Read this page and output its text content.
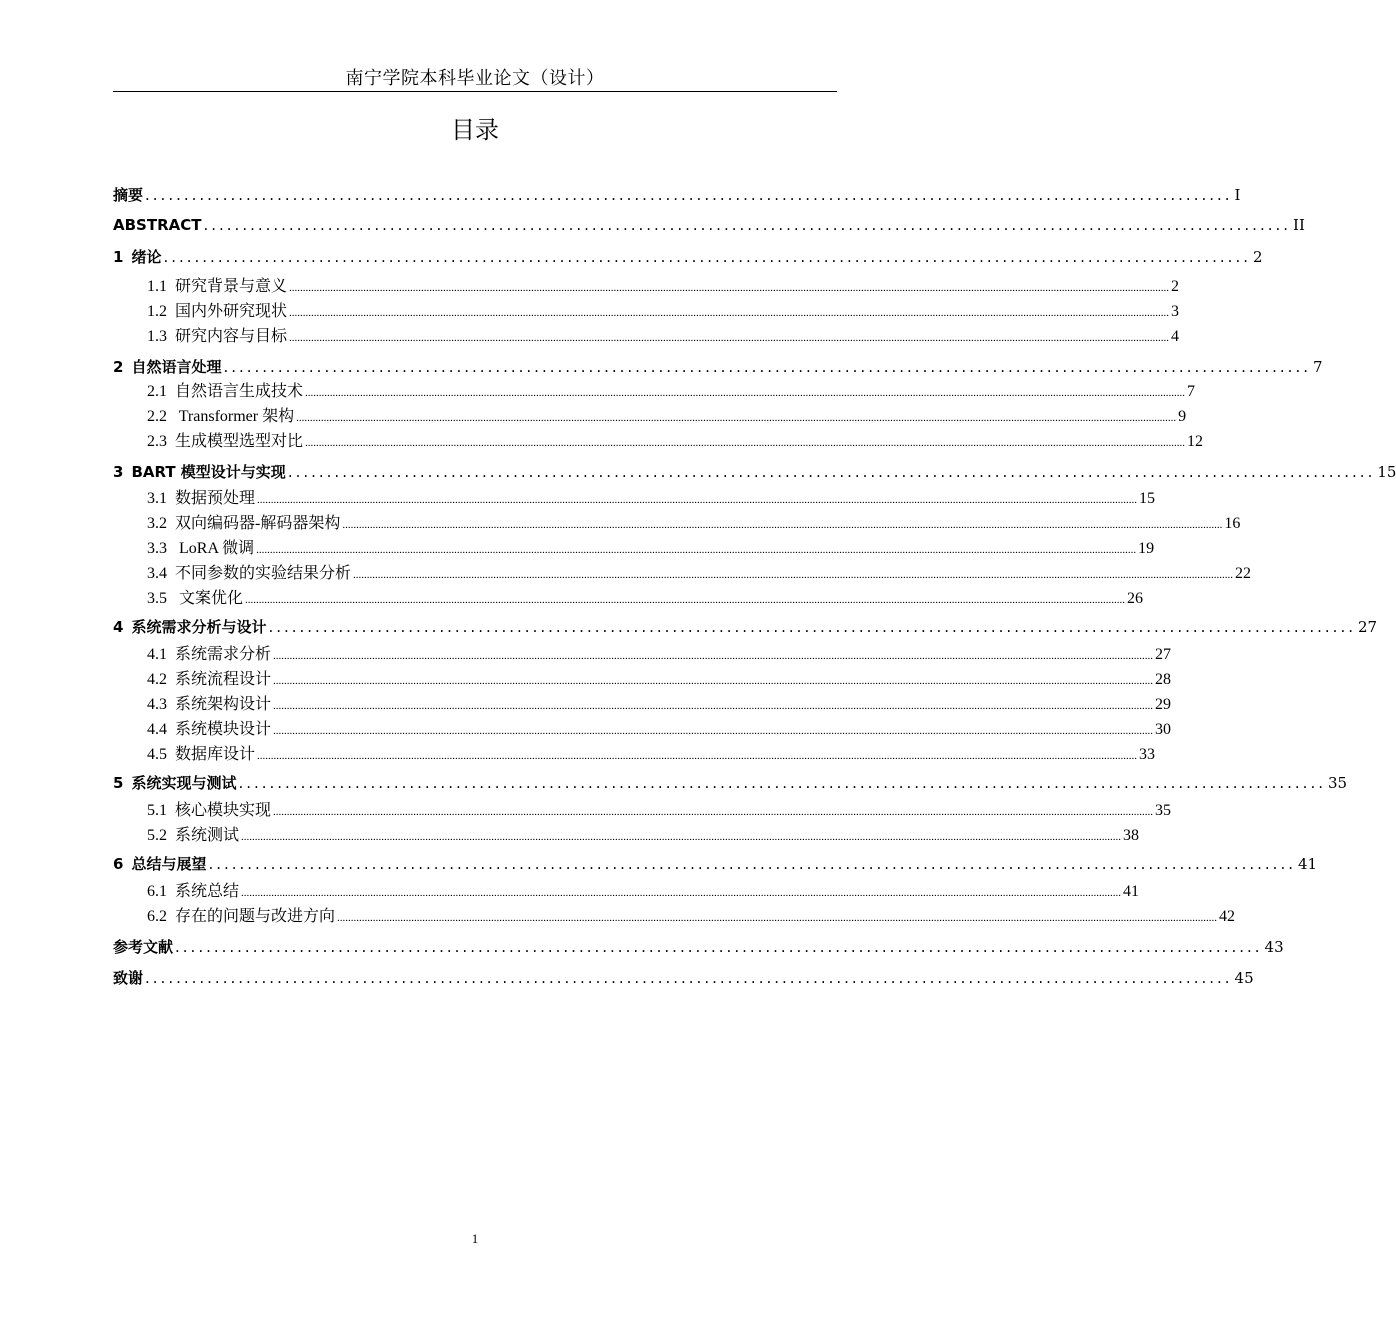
南宁学院本科毕业论文（设计）
目录
摘要 ............................................................................................................................................ I
ABSTRACT ............................................................................................................................................ II
1 绪论 ............................................................................................................................................ 2
1.1 研究背景与意义 ................................................................................................................................................................................................................................................................................................................................ 2
1.2 国内外研究现状 ................................................................................................................................................................................................................................................................................................................................ 3
1.3 研究内容与目标 ................................................................................................................................................................................................................................................................................................................................ 4
2 自然语言处理 ............................................................................................................................................ 7
2.1 自然语言生成技术 ................................................................................................................................................................................................................................................................................................................................ 7
2.2 Transformer 架构 ................................................................................................................................................................................................................................................................................................................................ 9
2.3 生成模型选型对比 ................................................................................................................................................................................................................................................................................................................................ 12
3 BART 模型设计与实现 ............................................................................................................................................ 15
3.1 数据预处理 ................................................................................................................................................................................................................................................................................................................................ 15
3.2 双向编码器-解码器架构 ................................................................................................................................................................................................................................................................................................................................ 16
3.3 LoRA 微调 ................................................................................................................................................................................................................................................................................................................................ 19
3.4 不同参数的实验结果分析 ................................................................................................................................................................................................................................................................................................................................ 22
3.5 文案优化 ................................................................................................................................................................................................................................................................................................................................ 26
4 系统需求分析与设计 ............................................................................................................................................ 27
4.1 系统需求分析 ................................................................................................................................................................................................................................................................................................................................ 27
4.2 系统流程设计 ................................................................................................................................................................................................................................................................................................................................ 28
4.3 系统架构设计 ................................................................................................................................................................................................................................................................................................................................ 29
4.4 系统模块设计 ................................................................................................................................................................................................................................................................................................................................ 30
4.5 数据库设计 ................................................................................................................................................................................................................................................................................................................................ 33
5 系统实现与测试 ............................................................................................................................................ 35
5.1 核心模块实现 ................................................................................................................................................................................................................................................................................................................................ 35
5.2 系统测试 ................................................................................................................................................................................................................................................................................................................................ 38
6 总结与展望 ............................................................................................................................................ 41
6.1 系统总结 ................................................................................................................................................................................................................................................................................................................................ 41
6.2 存在的问题与改进方向 ................................................................................................................................................................................................................................................................................................................................ 42
参考文献 ............................................................................................................................................ 43
致谢 ............................................................................................................................................ 45
1
